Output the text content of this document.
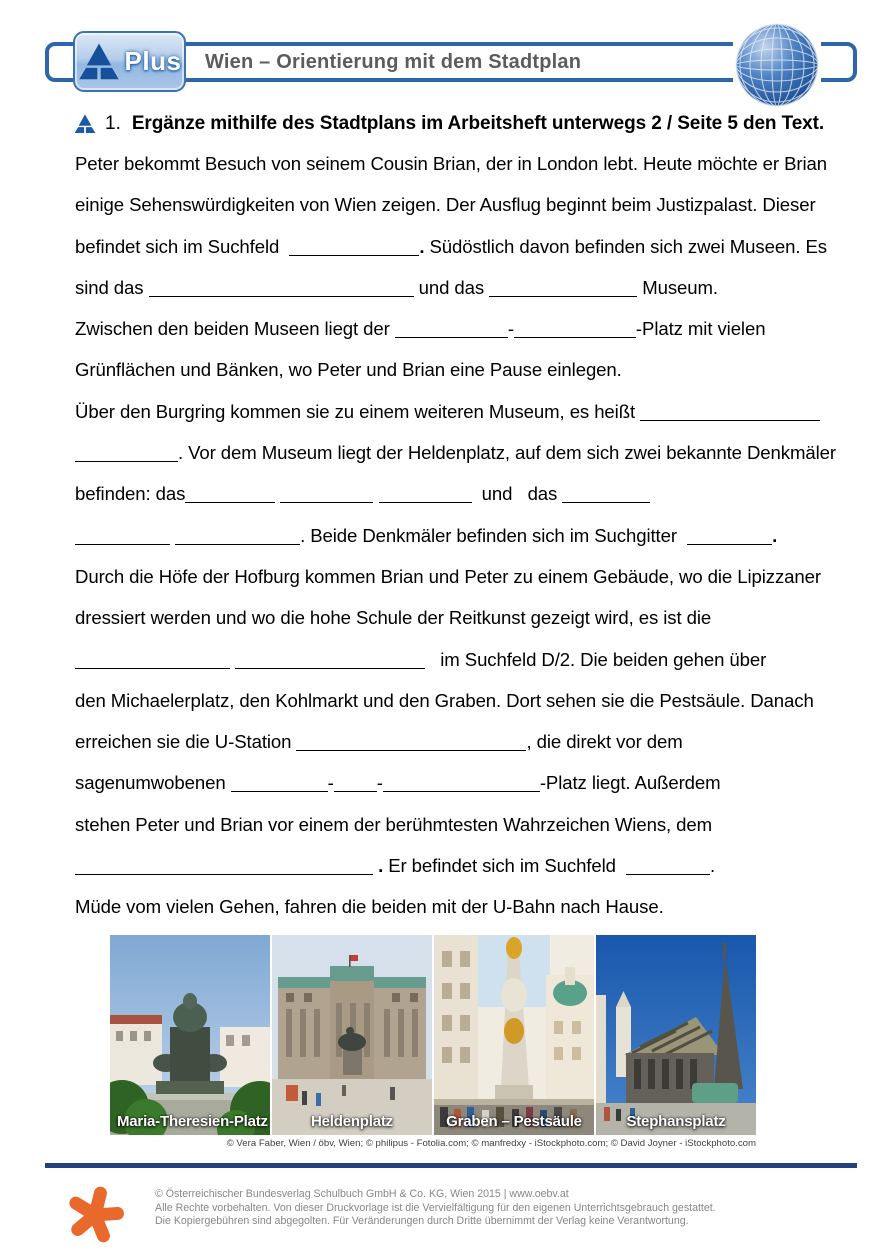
Plus Wien – Orientierung mit dem Stadtplan
1. Ergänze mithilfe des Stadtplans im Arbeitsheft unterwegs 2 / Seite 5 den Text.
Peter bekommt Besuch von seinem Cousin Brian, der in London lebt. Heute möchte er Brian
einige Sehenswürdigkeiten von Wien zeigen. Der Ausflug beginnt beim Justizpalast. Dieser
befindet sich im Suchfeld	. Südöstlich davon befinden sich zwei Museen. Es
sind das	und das	Museum.
Zwischen den beiden Museen liegt der	-	-Platz mit vielen
Grünflächen und Bänken, wo Peter und Brian eine Pause einlegen.
Über den Burgring kommen sie zu einem weiteren Museum, es heißt
. Vor dem Museum liegt der Heldenplatz, auf dem sich zwei bekannte Denkmäler
befinden: das	und   das
. Beide Denkmäler befinden sich im Suchgitter	.
Durch die Höfe der Hofburg kommen Brian und Peter zu einem Gebäude, wo die Lipizzaner
dressiert werden und wo die hohe Schule der Reitkunst gezeigt wird, es ist die
im Suchfeld D/2. Die beiden gehen über
den Michaelerplatz, den Kohlmarkt und den Graben. Dort sehen sie die Pestsäule. Danach
erreichen sie die U-Station	, die direkt vor dem
sagenumwobenen	- -	-Platz liegt. Außerdem
stehen Peter und Brian vor einem der berühmtesten Wahrzeichen Wiens, dem
. Er befindet sich im Suchfeld	.
Müde vom vielen Gehen, fahren die beiden mit der U-Bahn nach Hause.
Maria-Theresien-Platz	Heldenplatz	Graben – Pestsäule	Stephansplatz
© Vera Faber, Wien / öbv, Wien; © philipus - Fotolia.com; © manfredxy - iStockphoto.com; © David Joyner - iStockphoto.com
© Österreichischer Bundesverlag Schulbuch GmbH & Co. KG, Wien 2015 | www.oebv.at
Alle Rechte vorbehalten. Von dieser Druckvorlage ist die Vervielfältigung für den eigenen Unterrichtsgebrauch gestattet.
Die Kopiergebühren sind abgegolten. Für Veränderungen durch Dritte übernimmt der Verlag keine Verantwortung.
